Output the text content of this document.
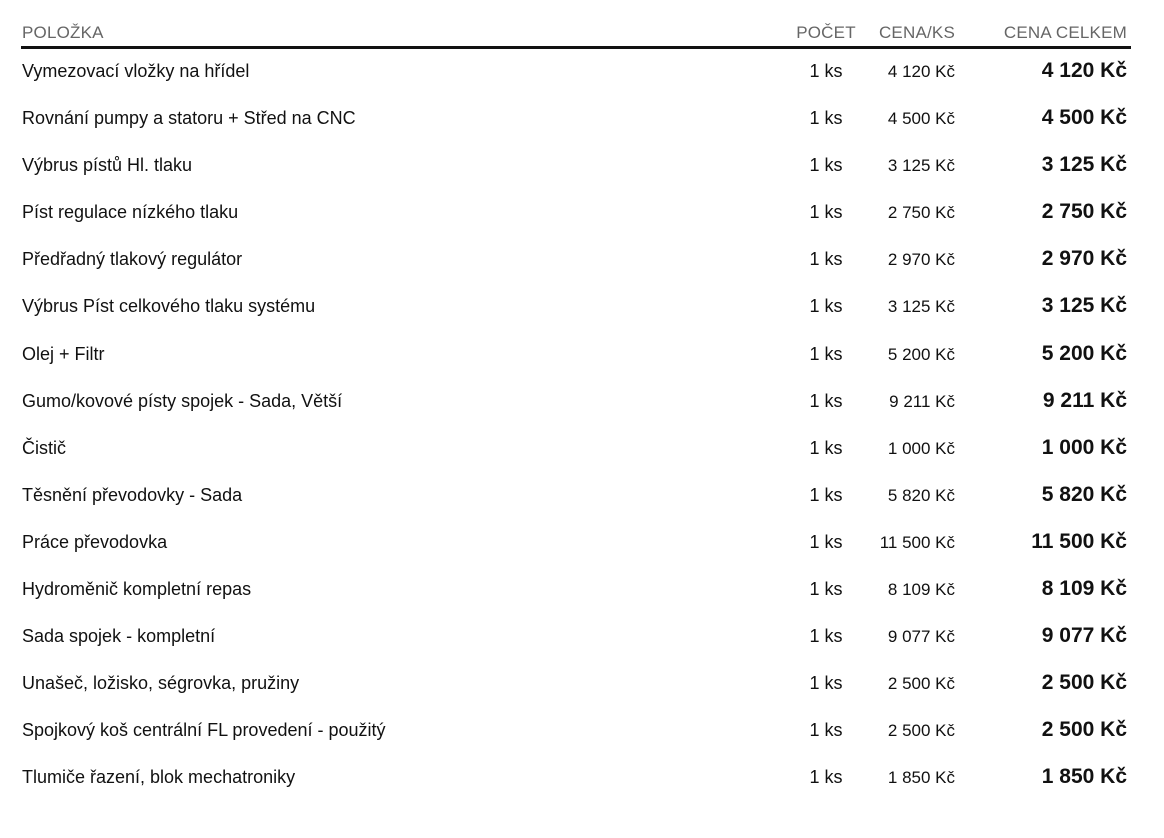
POLOŽKA	POČET	CENA/KS	CENA CELKEM
Vymezovací vložky na hřídel	1 ks	4 120 Kč	4 120 Kč
Rovnání pumpy a statoru + Střed na CNC	1 ks	4 500 Kč	4 500 Kč
Výbrus pístů Hl. tlaku	1 ks	3 125 Kč	3 125 Kč
Píst regulace nízkého tlaku	1 ks	2 750 Kč	2 750 Kč
Předřadný tlakový regulátor	1 ks	2 970 Kč	2 970 Kč
Výbrus Píst celkového tlaku systému	1 ks	3 125 Kč	3 125 Kč
Olej + Filtr	1 ks	5 200 Kč	5 200 Kč
Gumo/kovové písty spojek - Sada, Větší	1 ks	9 211 Kč	9 211 Kč
Čistič	1 ks	1 000 Kč	1 000 Kč
Těsnění převodovky - Sada	1 ks	5 820 Kč	5 820 Kč
Práce převodovka	1 ks	11 500 Kč	11 500 Kč
Hydroměnič kompletní repas	1 ks	8 109 Kč	8 109 Kč
Sada spojek - kompletní	1 ks	9 077 Kč	9 077 Kč
Unašeč, ložisko, ségrovka, pružiny	1 ks	2 500 Kč	2 500 Kč
Spojkový koš centrální FL provedení - použitý	1 ks	2 500 Kč	2 500 Kč
Tlumiče řazení, blok mechatroniky	1 ks	1 850 Kč	1 850 Kč
